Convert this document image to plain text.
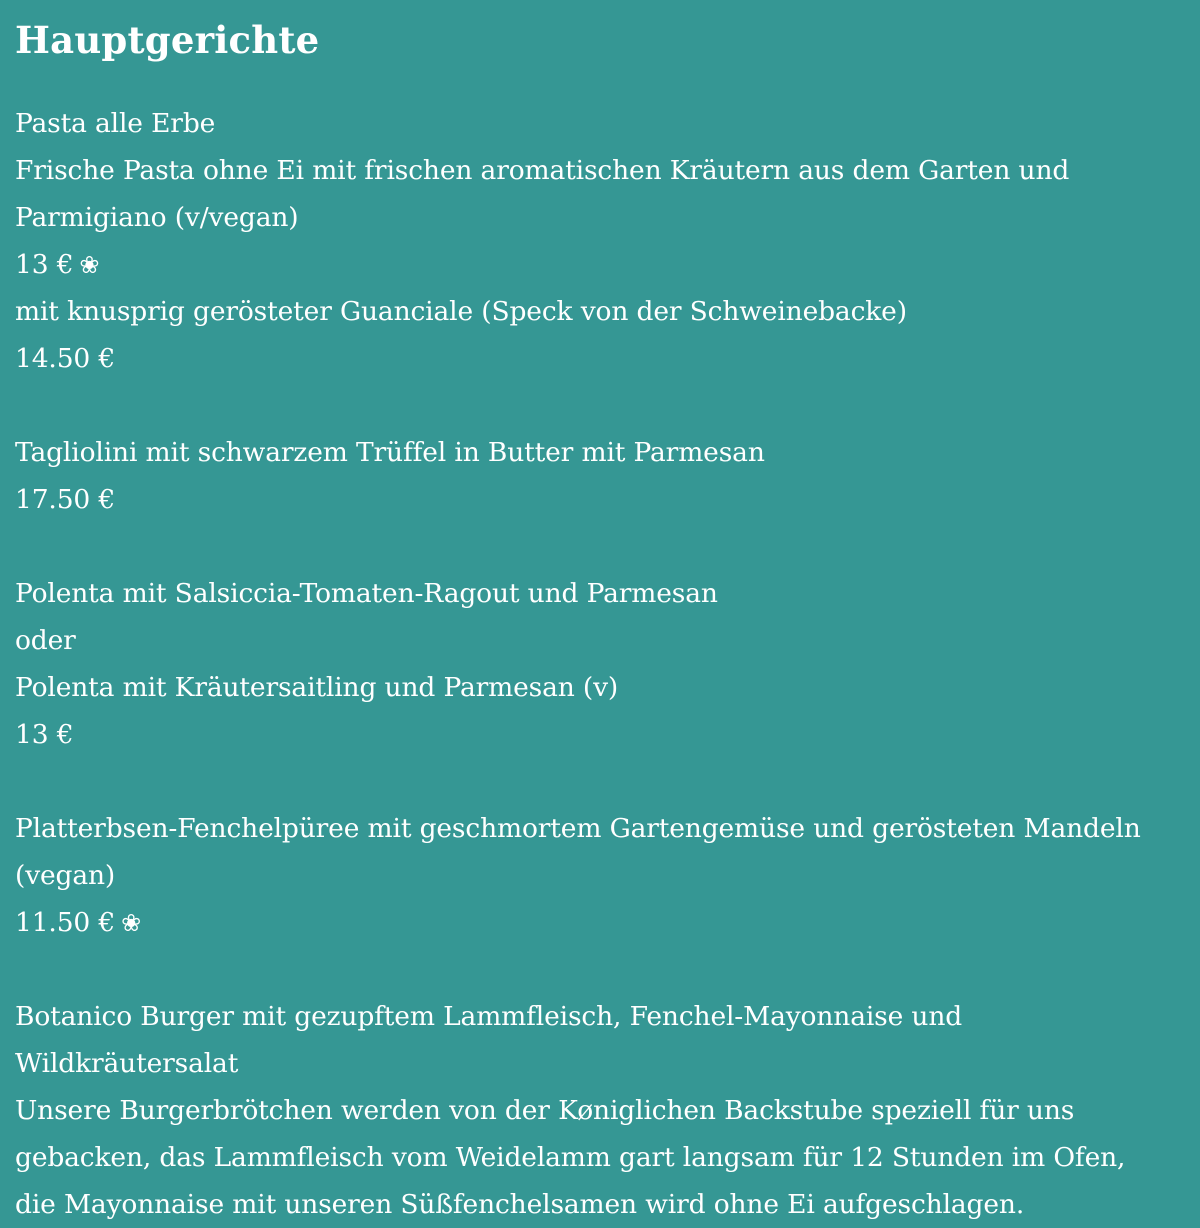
Hauptgerichte
Pasta alle Erbe
Frische Pasta ohne Ei mit frischen aromatischen Kräutern aus dem Garten und
Parmigiano (v/vegan)
13 € ❀
mit knusprig gerösteter Guanciale (Speck von der Schweinebacke)
14.50 €
Tagliolini mit schwarzem Trüffel in Butter mit Parmesan
17.50 €
Polenta mit Salsiccia-Tomaten-Ragout und Parmesan
oder
Polenta mit Kräutersaitling und Parmesan (v)
13 €
Platterbsen-Fenchelpüree mit geschmortem Gartengemüse und gerösteten Mandeln
(vegan)
11.50 € ❀
Botanico Burger mit gezupftem Lammfleisch, Fenchel-Mayonnaise und
Wildkräutersalat
Unsere Burgerbrötchen werden von der Køniglichen Backstube speziell für uns
gebacken, das Lammfleisch vom Weidelamm gart langsam für 12 Stunden im Ofen,
die Mayonnaise mit unseren Süßfenchelsamen wird ohne Ei aufgeschlagen.
